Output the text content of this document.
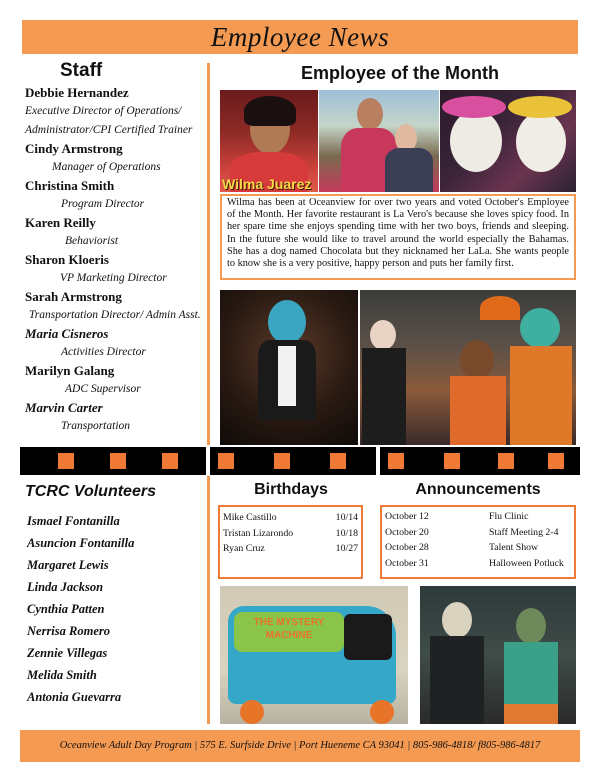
Employee News
Staff
Debbie Hernandez
Executive Director of Operations/
Administrator/CPI Certified Trainer
Cindy Armstrong
Manager of Operations
Christina Smith
Program Director
Karen Reilly
Behaviorist
Sharon Kloeris
VP Marketing Director
Sarah Armstrong
Transportation Director/ Admin Asst.
Maria Cisneros
Activities Director
Marilyn Galang
ADC Supervisor
Marvin Carter
Transportation
Employee of the Month
Wilma Juarez
Wilma has been at Oceanview for over two years and voted October's Employee of the Month. Her favorite restaurant is La Vero's because she loves spicy food. In her spare time she enjoys spending time with her two boys, friends and sleeping. In the future she would like to travel around the world especially the Bahamas. She has a dog named Chocolata but they nicknamed her LaLa. She wants people to know she is a very positive, happy person and puts her family first.
TCRC Volunteers
Ismael Fontanilla
Asuncion Fontanilla
Margaret Lewis
Linda Jackson
Cynthia Patten
Nerrisa Romero
Zennie Villegas
Melida Smith
Antonia Guevarra
Birthdays
Mike Castillo	10/14
Tristan Lizarondo	10/18
Ryan Cruz	10/27
Announcements
October 12	Flu Clinic
October 20	Staff Meeting 2-4
October 28	Talent Show
October 31	Halloween Potluck
THE MYSTERY MACHINE
Oceanview Adult Day Program | 575 E. Surfside Drive | Port Hueneme CA 93041 | 805-986-4818/ f805-986-4817
